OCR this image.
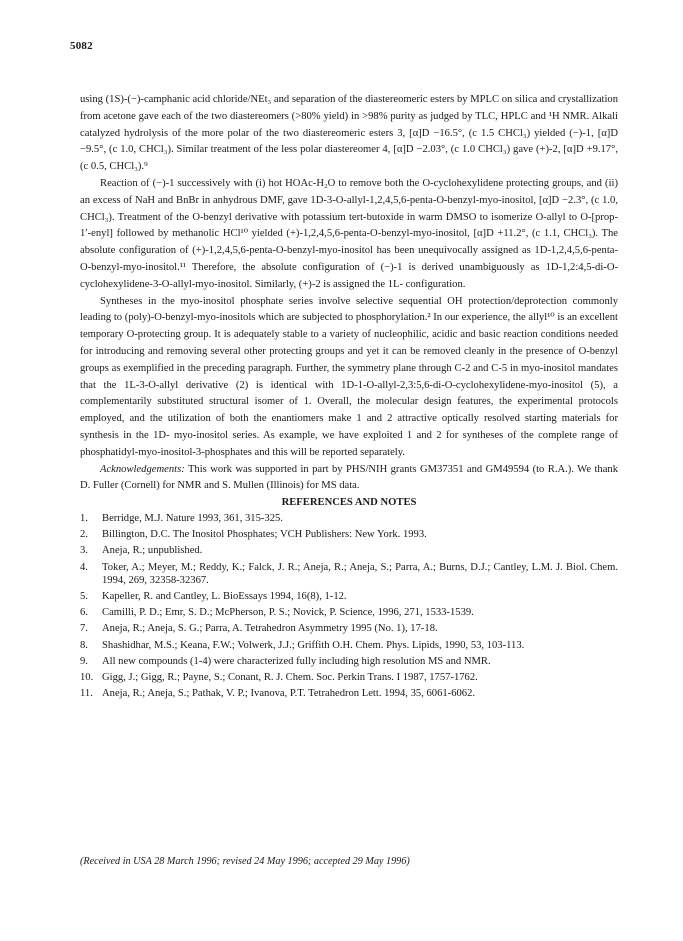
5082

using (1S)-(−)-camphanic acid chloride/NEt₃ and separation of the diastereomeric esters by MPLC on silica and crystallization from acetone gave each of the two diastereomers (>80% yield) in >98% purity as judged by TLC, HPLC and ¹H NMR. Alkali catalyzed hydrolysis of the more polar of the two diastereomeric esters 3, [α]D −16.5°, (c 1.5 CHCl₃) yielded (−)-1, [α]D −9.5°, (c 1.0, CHCl₃). Similar treatment of the less polar diastereomer 4, [α]D −2.03°, (c 1.0 CHCl₃) gave (+)-2, [α]D +9.17°, (c 0.5, CHCl₃).⁹

Reaction of (−)-1 successively with (i) hot HOAc-H₂O to remove both the O-cyclohexylidene protecting groups, and (ii) an excess of NaH and BnBr in anhydrous DMF, gave 1D-3-O-allyl-1,2,4,5,6-penta-O-benzyl-myo-inositol, [α]D −2.3°, (c 1.0, CHCl₃). Treatment of the O-benzyl derivative with potassium tert-butoxide in warm DMSO to isomerize O-allyl to O-[prop-1′-enyl] followed by methanolic HCl¹⁰ yielded (+)-1,2,4,5,6-penta-O-benzyl-myo-inositol, [α]D +11.2°, (c 1.1, CHCl₃). The absolute configuration of (+)-1,2,4,5,6-penta-O-benzyl-myo-inositol has been unequivocally assigned as 1D-1,2,4,5,6-penta-O-benzyl-myo-inositol.¹¹ Therefore, the absolute configuration of (−)-1 is derived unambiguously as 1D-1,2:4,5-di-O-cyclohexylidene-3-O-allyl-myo-inositol. Similarly, (+)-2 is assigned the 1L- configuration.

Syntheses in the myo-inositol phosphate series involve selective sequential OH protection/deprotection commonly leading to (poly)-O-benzyl-myo-inositols which are subjected to phosphorylation.² In our experience, the allyl¹⁰ is an excellent temporary O-protecting group. It is adequately stable to a variety of nucleophilic, acidic and basic reaction conditions needed for introducing and removing several other protecting groups and yet it can be removed cleanly in the presence of O-benzyl groups as exemplified in the preceding paragraph. Further, the symmetry plane through C-2 and C-5 in myo-inositol mandates that the 1L-3-O-allyl derivative (2) is identical with 1D-1-O-allyl-2,3:5,6-di-O-cyclohexylidene-myo-inositol (5), a complementarily substituted structural isomer of 1. Overall, the molecular design features, the experimental protocols employed, and the utilization of both the enantiomers make 1 and 2 attractive optically resolved starting materials for synthesis in the 1D- myo-inositol series. As example, we have exploited 1 and 2 for syntheses of the complete range of phosphatidyl-myo-inositol-3-phosphates and this will be reported separately.

Acknowledgements: This work was supported in part by PHS/NIH grants GM37351 and GM49594 (to R.A.). We thank D. Fuller (Cornell) for NMR and S. Mullen (Illinois) for MS data.

REFERENCES AND NOTES
1. Berridge, M.J. Nature 1993, 361, 315-325.
2. Billington, D.C. The Inositol Phosphates; VCH Publishers: New York. 1993.
3. Aneja, R.; unpublished.
4. Toker, A.; Meyer, M.; Reddy, K.; Falck, J. R.; Aneja, R.; Aneja, S.; Parra, A.; Burns, D.J.; Cantley, L.M. J. Biol. Chem. 1994, 269, 32358-32367.
5. Kapeller, R. and Cantley, L. BioEssays 1994, 16(8), 1-12.
6. Camilli, P. D.; Emr, S. D.; McPherson, P. S.; Novick, P. Science, 1996, 271, 1533-1539.
7. Aneja, R.; Aneja, S. G.; Parra, A. Tetrahedron Asymmetry 1995 (No. 1), 17-18.
8. Shashidhar, M.S.; Keana, F.W.; Volwerk, J.J.; Griffith O.H. Chem. Phys. Lipids, 1990, 53, 103-113.
9. All new compounds (1-4) were characterized fully including high resolution MS and NMR.
10. Gigg, J.; Gigg, R.; Payne, S.; Conant, R. J. Chem. Soc. Perkin Trans. I 1987, 1757-1762.
11. Aneja, R.; Aneja, S.; Pathak, V. P.; Ivanova, P.T. Tetrahedron Lett. 1994, 35, 6061-6062.
(Received in USA 28 March 1996; revised 24 May 1996; accepted 29 May 1996)
